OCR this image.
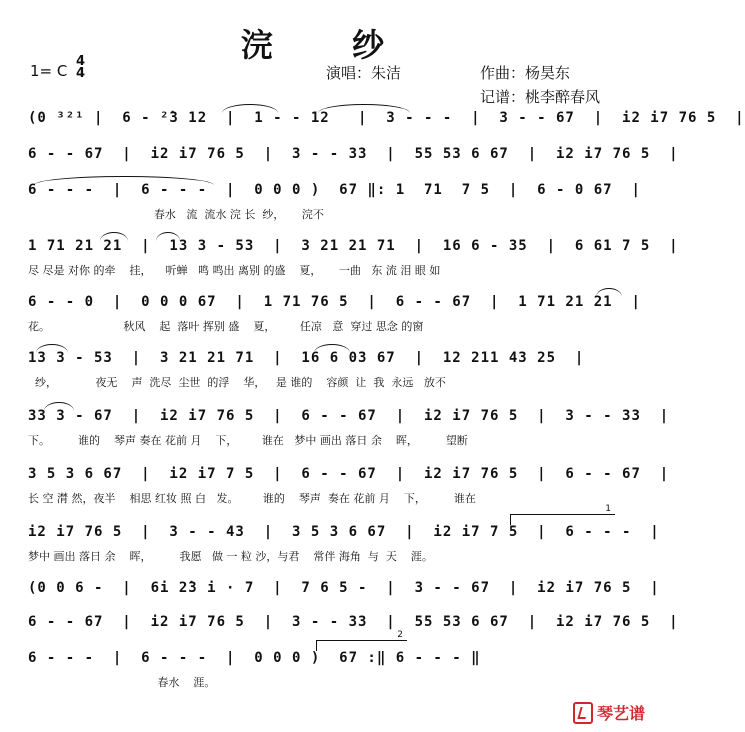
浣 纱
1= C
4
4	演唱：朱洁	作曲：杨昊东
记谱：桃李醉春风
(0 ³²¹ |  6 - ²̇3 12  |  1 - - 12   |  3 - - -  |  3 - - 67  |  i2 i7 76 5  |
6 - - 67  |  i2 i7 76 5  |  3 - - 33  |  55 53 6 67  |  i2 i7 76 5  |
6 - - -  |  6 - - -  |  0 0 0 )  67 ‖: 1  71  7 5  |  6 - 0 67  |
春水   流  流水 浣 长  纱，     浣不
1 71 21 21  |  13 3 - 53  |  3 21 21 71  |  16 6 - 35  |  6 61 7 5  |
尽 尽是 对你 的牵    挂，    听蝉   鸣 鸣出 离别 的盛    夏，     一曲   东 流 泪 眼 如
6 - - 0  |  0 0 0 67  |  1 71 76 5  |  6 - - 67  |  1 71 21 21  |
花。                     秋风    起  落叶 挥别 盛    夏，       任凉   意  穿过 思念 的窗
13 3 - 53  |  3 21 21 71  |  16 6 03 67  |  12 211 43 25  |
纱，           夜无    声  洗尽  尘世  的浮    华，   是 谁的    容颜  让  我  永远   放不
33 3 - 67  |  i2 i7 76 5  |  6 - - 67  |  i2 i7 76 5  |  3 - - 33  |
下。        谁的    琴声 奏在 花前 月    下，       谁在   梦中 画出 落日 余    晖，        望断
3 5 3 6 67  |  i2 i7 7 5  |  6 - - 67  |  i2 i7 76 5  |  6 - - 67  |
长 空 潸 然，夜半    相思 红妆 照 白   发。       谁的    琴声  奏在 花前 月    下，        谁在
i2 i7 76 5  |  3 - - 43  |  3 5 3 6 67  |  i2 i7 7 5  |  6 - - -  |
梦中 画出 落日 余    晖，        我愿   做 一 粒 沙，与君    常伴 海角  与  天    涯。
1
(0 0 6 -  |  6i 2̇3 i · 7  |  7 6 5 -  |  3 - - 67  |  i2 i7 76 5  |
6 - - 67  |  i2 i7 76 5  |  3 - - 33  |  55 53 6 67  |  i2 i7 76 5  |
6 - - -  |  6 - - -  |  0 0 0 )  67 :‖ 6 - - - ‖
春水    涯。
2
琴艺谱
